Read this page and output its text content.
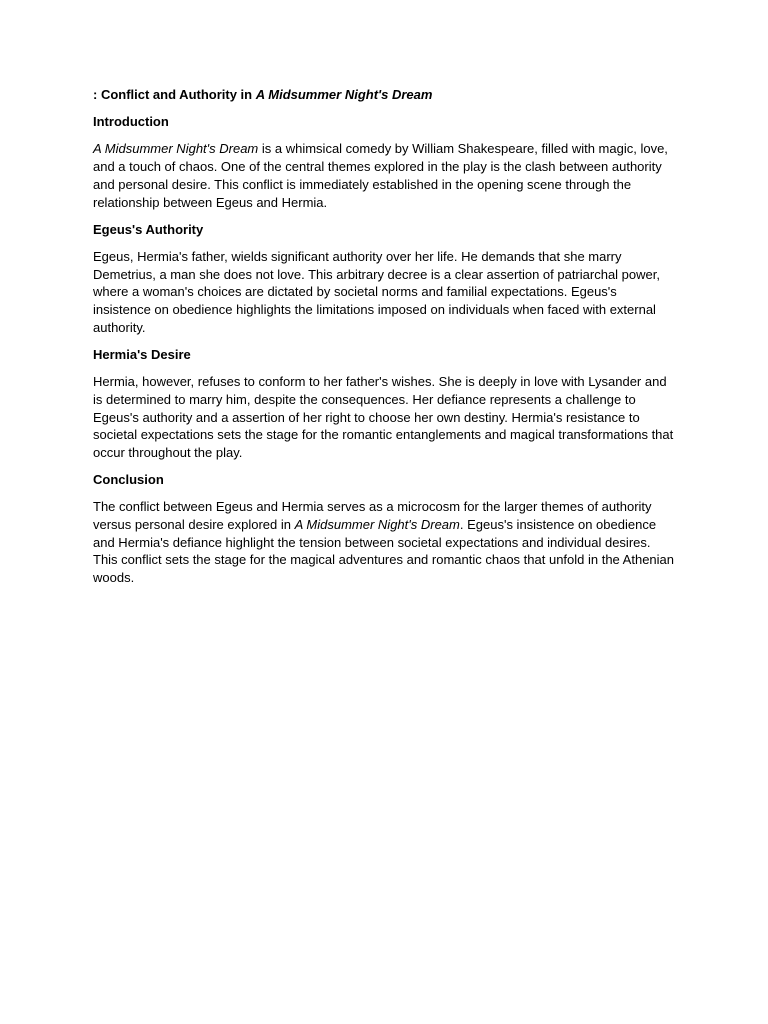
: Conflict and Authority in A Midsummer Night's Dream

Introduction

A Midsummer Night's Dream is a whimsical comedy by William Shakespeare, filled with magic, love, and a touch of chaos. One of the central themes explored in the play is the clash between authority and personal desire. This conflict is immediately established in the opening scene through the relationship between Egeus and Hermia.

Egeus's Authority

Egeus, Hermia's father, wields significant authority over her life. He demands that she marry Demetrius, a man she does not love. This arbitrary decree is a clear assertion of patriarchal power, where a woman's choices are dictated by societal norms and familial expectations. Egeus's insistence on obedience highlights the limitations imposed on individuals when faced with external authority.

Hermia's Desire

Hermia, however, refuses to conform to her father's wishes. She is deeply in love with Lysander and is determined to marry him, despite the consequences. Her defiance represents a challenge to Egeus's authority and a assertion of her right to choose her own destiny. Hermia's resistance to societal expectations sets the stage for the romantic entanglements and magical transformations that occur throughout the play.

Conclusion

The conflict between Egeus and Hermia serves as a microcosm for the larger themes of authority versus personal desire explored in A Midsummer Night's Dream. Egeus's insistence on obedience and Hermia's defiance highlight the tension between societal expectations and individual desires. This conflict sets the stage for the magical adventures and romantic chaos that unfold in the Athenian woods.
